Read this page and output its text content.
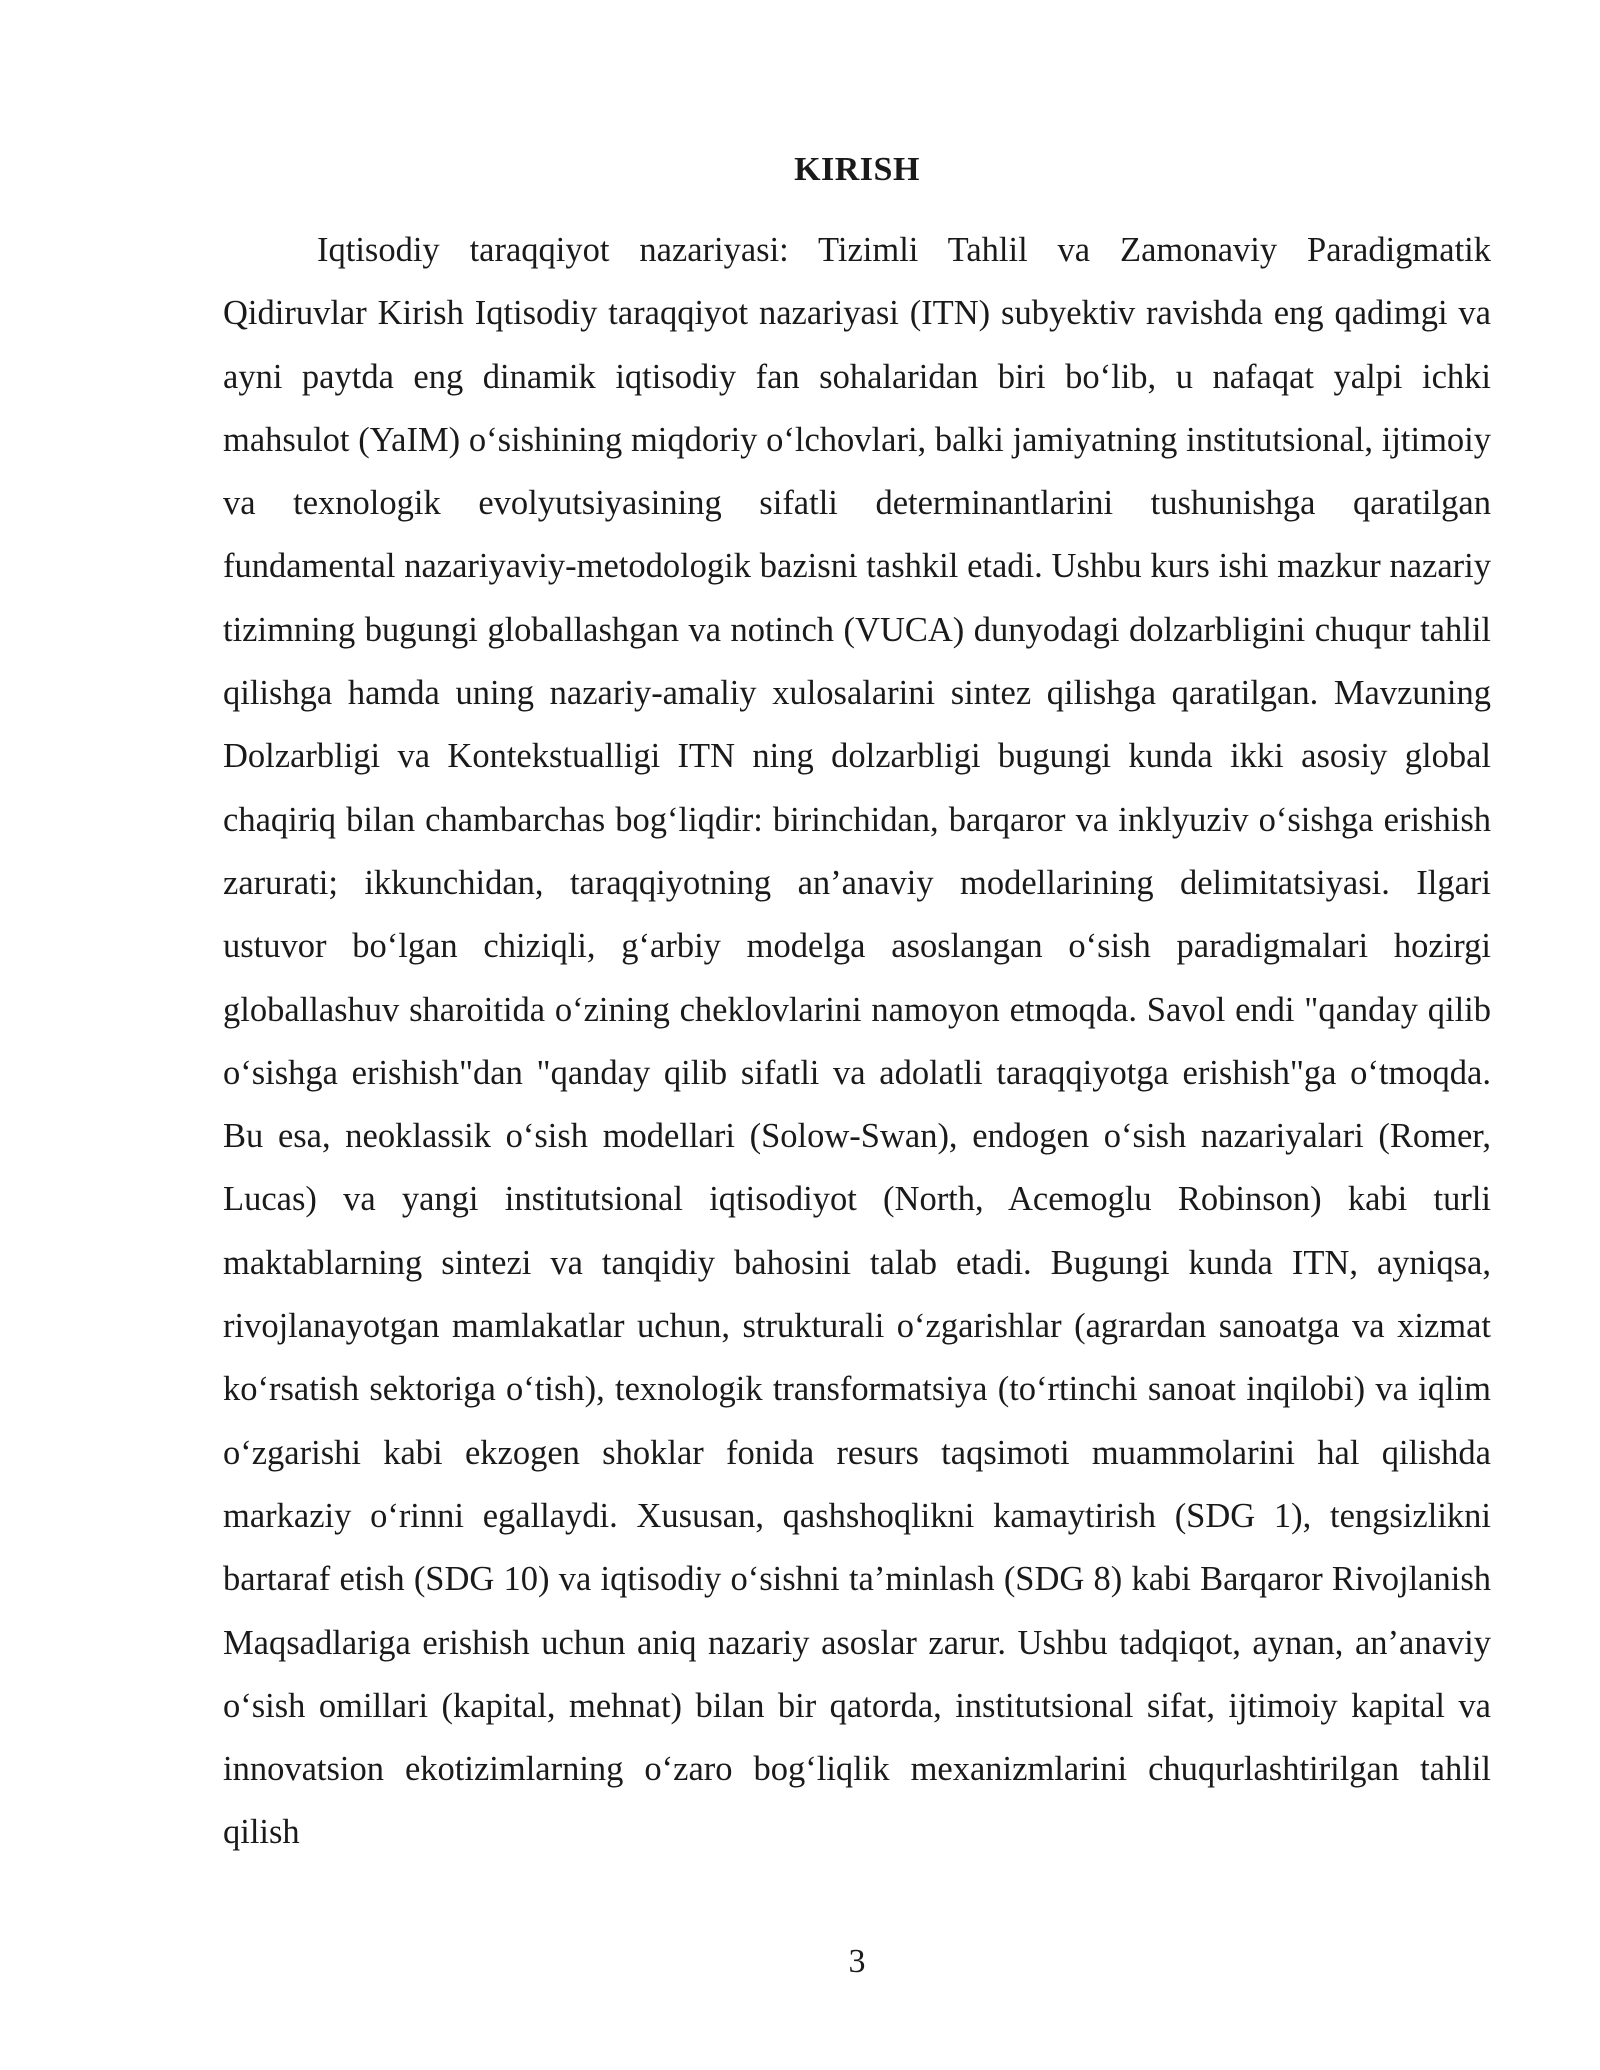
KIRISH

Iqtisodiy taraqqiyot nazariyasi: Tizimli Tahlil va Zamonaviy Paradigmatik Qidiruvlar Kirish Iqtisodiy taraqqiyot nazariyasi (ITN) subyektiv ravishda eng qadimgi va ayni paytda eng dinamik iqtisodiy fan sohalaridan biri bo‘lib, u nafaqat yalpi ichki mahsulot (YaIM) o‘sishining miqdoriy o‘lchovlari, balki jamiyatning institutsional, ijtimoiy va texnologik evolyutsiyasining sifatli determinantlarini tushunishga qaratilgan fundamental nazariyaviy-metodologik bazisni tashkil etadi. Ushbu kurs ishi mazkur nazariy tizimning bugungi globallashgan va notinch (VUCA) dunyodagi dolzarbligini chuqur tahlil qilishga hamda uning nazariy-amaliy xulosalarini sintez qilishga qaratilgan. Mavzuning Dolzarbligi va Kontekstualligi ITN ning dolzarbligi bugungi kunda ikki asosiy global chaqiriq bilan chambarchas bog‘liqdir: birinchidan, barqaror va inklyuziv o‘sishga erishish zarurati; ikkunchidan, taraqqiyotning an’anaviy modellarining delimitatsiyasi. Ilgari ustuvor bo‘lgan chiziqli, g‘arbiy modelga asoslangan o‘sish paradigmalari hozirgi globallashuv sharoitida o‘zining cheklovlarini namoyon etmoqda. Savol endi "qanday qilib o‘sishga erishish"dan "qanday qilib sifatli va adolatli taraqqiyotga erishish"ga o‘tmoqda. Bu esa, neoklassik o‘sish modellari (Solow-Swan), endogen o‘sish nazariyalari (Romer, Lucas) va yangi institutsional iqtisodiyot (North, Acemoglu Robinson) kabi turli maktablarning sintezi va tanqidiy bahosini talab etadi. Bugungi kunda ITN, ayniqsa, rivojlanayotgan mamlakatlar uchun, strukturali o‘zgarishlar (agrardan sanoatga va xizmat ko‘rsatish sektoriga o‘tish), texnologik transformatsiya (to‘rtinchi sanoat inqilobi) va iqlim o‘zgarishi kabi ekzogen shoklar fonida resurs taqsimoti muammolarini hal qilishda markaziy o‘rinni egallaydi. Xususan, qashshoqlikni kamaytirish (SDG 1), tengsizlikni bartaraf etish (SDG 10) va iqtisodiy o‘sishni ta’minlash (SDG 8) kabi Barqaror Rivojlanish Maqsadlariga erishish uchun aniq nazariy asoslar zarur. Ushbu tadqiqot, aynan, an’anaviy o‘sish omillari (kapital, mehnat) bilan bir qatorda, institutsional sifat, ijtimoiy kapital va innovatsion ekotizimlarning o‘zaro bog‘liqlik mexanizmlarini chuqurlashtirilgan tahlil qilish

3
